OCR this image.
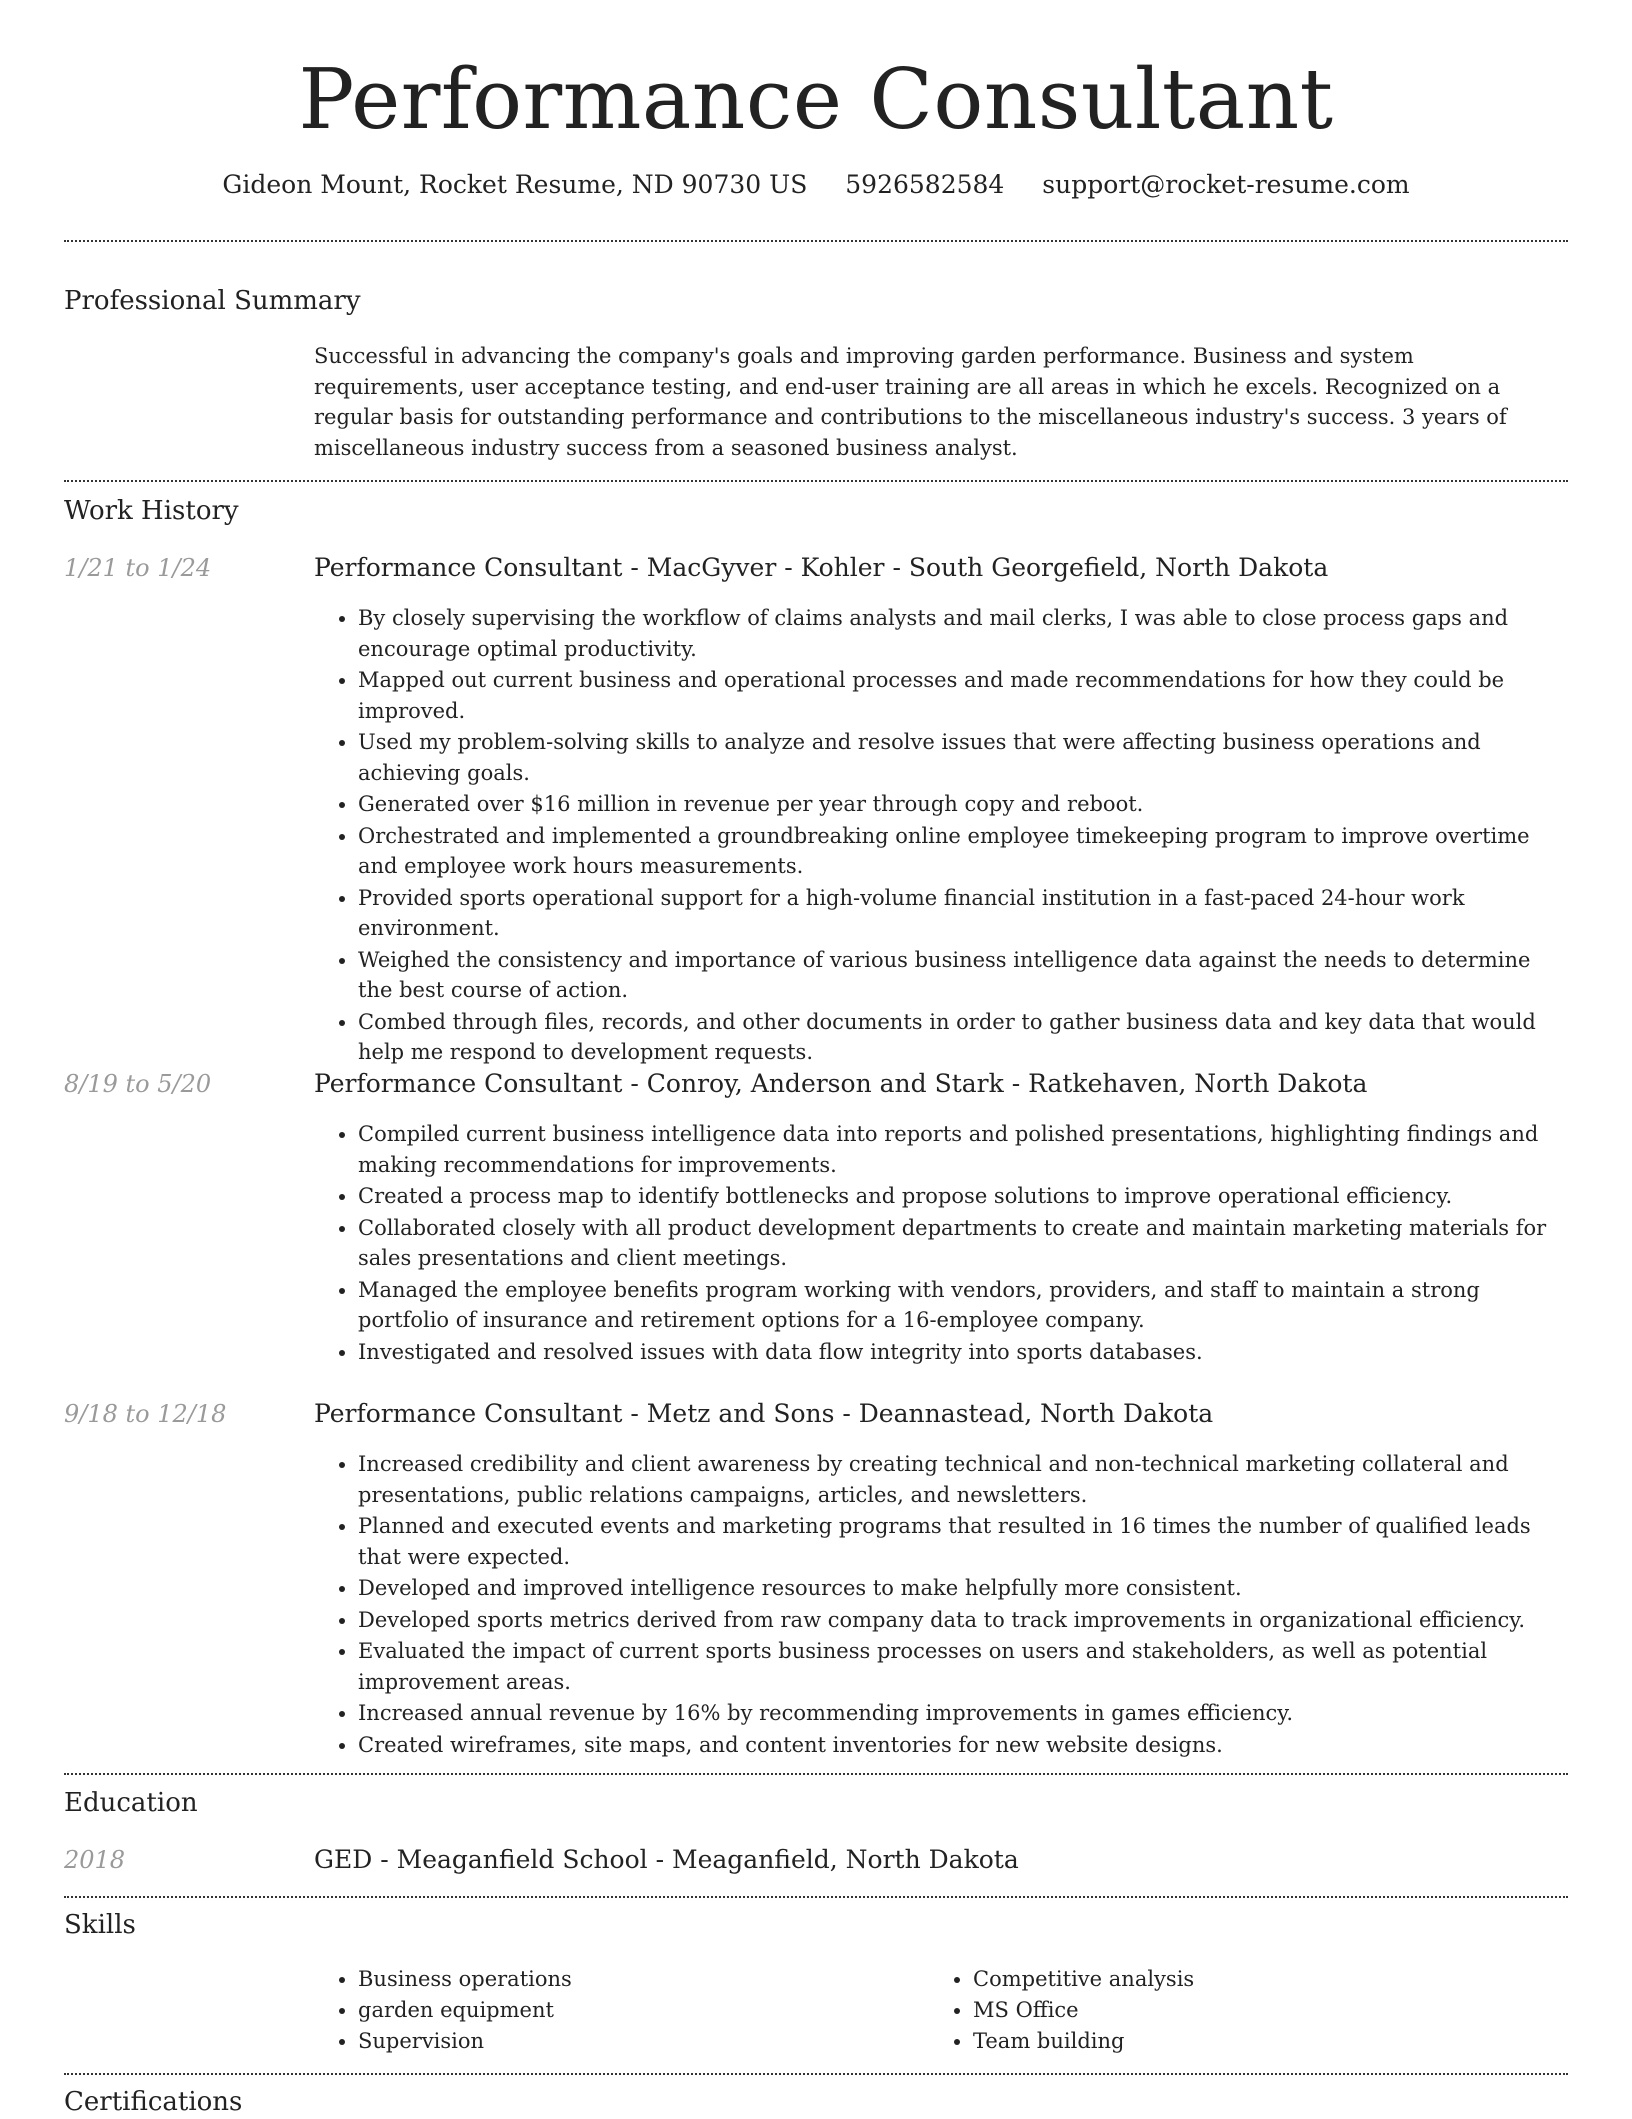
Performance Consultant
Gideon Mount, Rocket Resume, ND 90730 US 5926582584 support@rocket-resume.com
Professional Summary
Successful in advancing the company's goals and improving garden performance. Business and system requirements, user acceptance testing, and end-user training are all areas in which he excels. Recognized on a regular basis for outstanding performance and contributions to the miscellaneous industry's success. 3 years of miscellaneous industry success from a seasoned business analyst.
Work History
1/21 to 1/24	Performance Consultant - MacGyver - Kohler - South Georgefield, North Dakota
• By closely supervising the workflow of claims analysts and mail clerks, I was able to close process gaps and encourage optimal productivity.
• Mapped out current business and operational processes and made recommendations for how they could be improved.
• Used my problem-solving skills to analyze and resolve issues that were affecting business operations and achieving goals.
• Generated over $16 million in revenue per year through copy and reboot.
• Orchestrated and implemented a groundbreaking online employee timekeeping program to improve overtime and employee work hours measurements.
• Provided sports operational support for a high-volume financial institution in a fast-paced 24-hour work environment.
• Weighed the consistency and importance of various business intelligence data against the needs to determine the best course of action.
• Combed through files, records, and other documents in order to gather business data and key data that would help me respond to development requests.
8/19 to 5/20	Performance Consultant - Conroy, Anderson and Stark - Ratkehaven, North Dakota
• Compiled current business intelligence data into reports and polished presentations, highlighting findings and making recommendations for improvements.
• Created a process map to identify bottlenecks and propose solutions to improve operational efficiency.
• Collaborated closely with all product development departments to create and maintain marketing materials for sales presentations and client meetings.
• Managed the employee benefits program working with vendors, providers, and staff to maintain a strong portfolio of insurance and retirement options for a 16-employee company.
• Investigated and resolved issues with data flow integrity into sports databases.
9/18 to 12/18	Performance Consultant - Metz and Sons - Deannastead, North Dakota
• Increased credibility and client awareness by creating technical and non-technical marketing collateral and presentations, public relations campaigns, articles, and newsletters.
• Planned and executed events and marketing programs that resulted in 16 times the number of qualified leads that were expected.
• Developed and improved intelligence resources to make helpfully more consistent.
• Developed sports metrics derived from raw company data to track improvements in organizational efficiency.
• Evaluated the impact of current sports business processes on users and stakeholders, as well as potential improvement areas.
• Increased annual revenue by 16% by recommending improvements in games efficiency.
• Created wireframes, site maps, and content inventories for new website designs.
Education
2018	GED - Meaganfield School - Meaganfield, North Dakota
Skills
• Business operations
• garden equipment
• Supervision
• Competitive analysis
• MS Office
• Team building
Certifications
